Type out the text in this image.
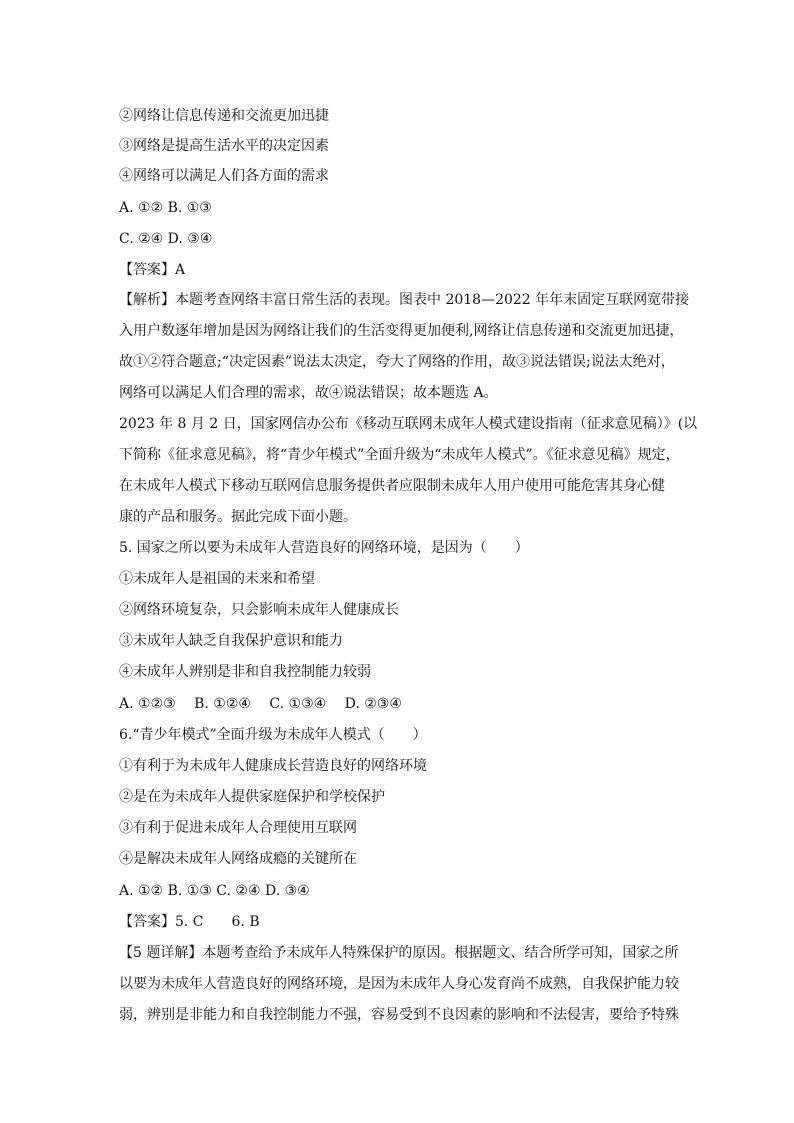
②网络让信息传递和交流更加迅捷
③网络是提高生活水平的决定因素
④网络可以满足人们各方面的需求
A. ①② B. ①③
C. ②④ D. ③④
【答案】A
【解析】本题考查网络丰富日常生活的表现。图表中 2018—2022 年年末固定互联网宽带接
入用户数逐年增加是因为网络让我们的生活变得更加便利,网络让信息传递和交流更加迅捷，
故①②符合题意;“决定因素”说法太决定，夸大了网络的作用，故③说法错误;说法太绝对，
网络可以满足人们合理的需求，故④说法错误；故本题选 A。
2023 年 8 月 2 日，国家网信办公布《移动互联网未成年人模式建设指南（征求意见稿）》(以
下简称《征求意见稿》，将“青少年模式”全面升级为“未成年人模式”。《征求意见稿》规定，
在未成年人模式下移动互联网信息服务提供者应限制未成年人用户使用可能危害其身心健
康的产品和服务。据此完成下面小题。
5. 国家之所以要为未成年人营造良好的网络环境，是因为（　　）
①未成年人是祖国的未来和希望
②网络环境复杂，只会影响未成年人健康成长
③未成年人缺乏自我保护意识和能力
④未成年人辨别是非和自我控制能力较弱
A. ①②③　 B. ①②④　 C. ①③④　 D. ②③④
6.“青少年模式”全面升级为未成年人模式（　　）
①有利于为未成年人健康成长营造良好的网络环境
②是在为未成年人提供家庭保护和学校保护
③有利于促进未成年人合理使用互联网
④是解决未成年人网络成瘾的关键所在
A. ①② B. ①③ C. ②④ D. ③④
【答案】5. C　　6. B
【5 题详解】本题考查给予未成年人特殊保护的原因。根据题文、结合所学可知，国家之所
以要为未成年人营造良好的网络环境，是因为未成年人身心发育尚不成熟，自我保护能力较
弱，辨别是非能力和自我控制能力不强，容易受到不良因素的影响和不法侵害，要给予特殊
